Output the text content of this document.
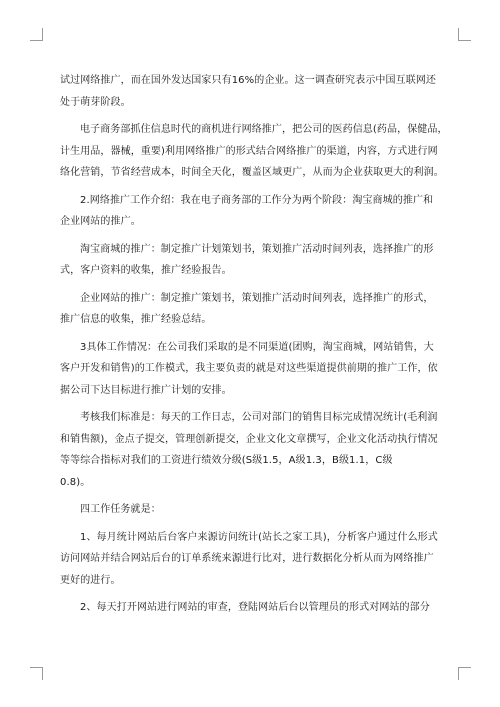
试过网络推广，而在国外发达国家只有16%的企业。这一调查研究表示中国互联网还
处于萌芽阶段。

电子商务部抓住信息时代的商机进行网络推广，把公司的医药信息(药品，保健品，
计生用品，器械，重要)利用网络推广的形式结合网络推广的渠道，内容，方式进行网
络化营销，节省经营成本，时间全天化，覆盖区域更广，从而为企业获取更大的利润。

2.网络推广工作介绍：我在电子商务部的工作分为两个阶段：淘宝商城的推广和
企业网站的推广。

淘宝商城的推广：制定推广计划策划书，策划推广活动时间列表，选择推广的形
式，客户资料的收集，推广经验报告。

企业网站的推广：制定推广策划书，策划推广活动时间列表，选择推广的形式，
推广信息的收集，推广经验总结。

3具体工作情况：在公司我们采取的是不同渠道(团购，淘宝商城，网站销售，大
客户开发和销售)的工作模式，我主要负责的就是对这些渠道提供前期的推广工作，依
据公司下达目标进行推广计划的安排。

考核我们标准是：每天的工作日志，公司对部门的销售目标完成情况统计(毛利润
和销售额)，金点子提交，管理创新提交，企业文化文章撰写，企业文化活动执行情况
等等综合指标对我们的工资进行绩效分级(S级1.5，A级1.3，B级1.1，C级
0.8)。

四工作任务就是：

1、每月统计网站后台客户来源访问统计(站长之家工具)，分析客户通过什么形式
访问网站并结合网站后台的订单系统来源进行比对，进行数据化分析从而为网络推广
更好的进行。

2、每天打开网站进行网站的审查，登陆网站后台以管理员的形式对网站的部分
